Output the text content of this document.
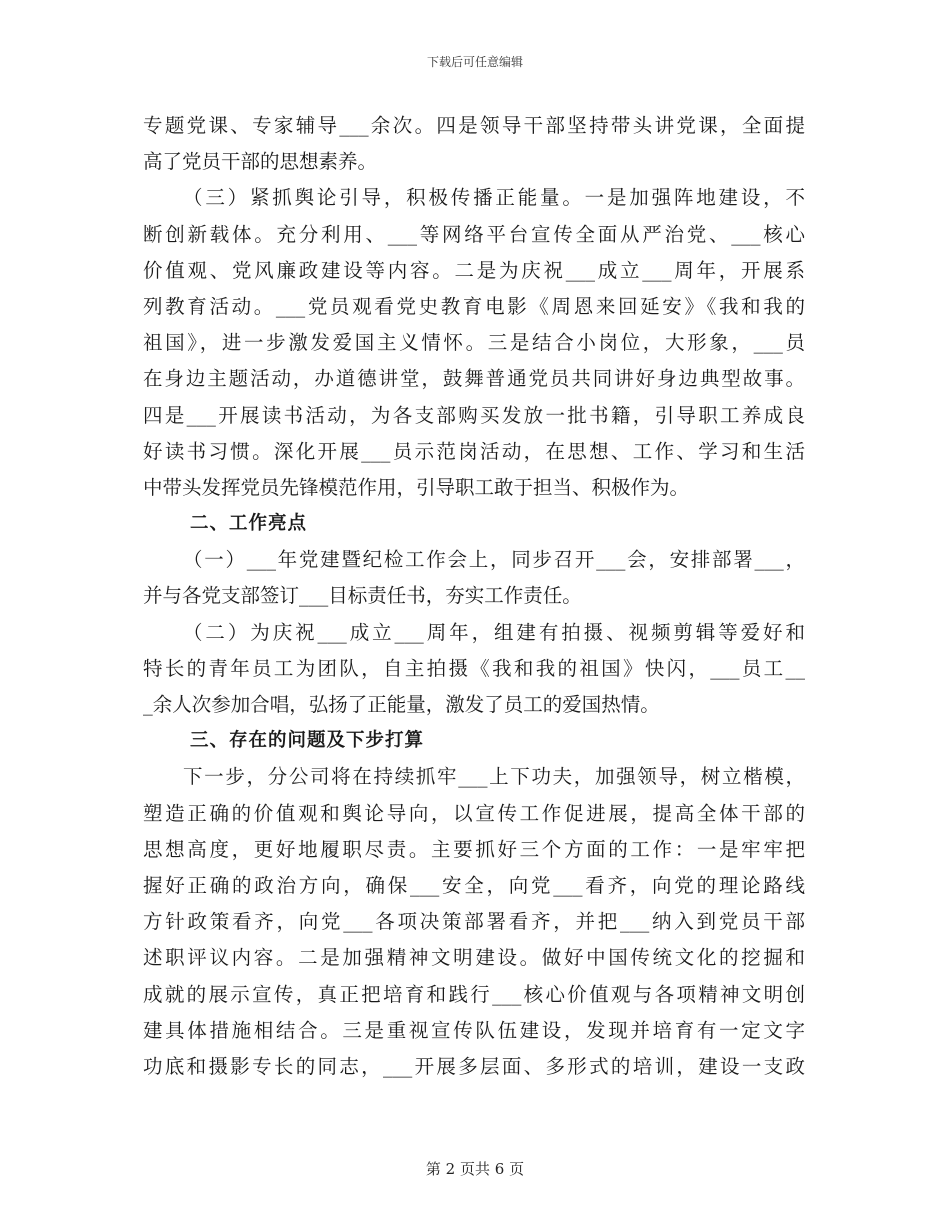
下载后可任意编辑
专题党课、专家辅导___余次。四是领导干部坚持带头讲党课，全面提
高了党员干部的思想素养。
（三）紧抓舆论引导，积极传播正能量。一是加强阵地建设，不
断创新载体。充分利用、___等网络平台宣传全面从严治党、___核心
价值观、党风廉政建设等内容。二是为庆祝___成立___周年，开展系
列教育活动。___党员观看党史教育电影《周恩来回延安》《我和我的
祖国》，进一步激发爱国主义情怀。三是结合小岗位，大形象，___员
在身边主题活动，办道德讲堂，鼓舞普通党员共同讲好身边典型故事。
四是___开展读书活动，为各支部购买发放一批书籍，引导职工养成良
好读书习惯。深化开展___员示范岗活动，在思想、工作、学习和生活
中带头发挥党员先锋模范作用，引导职工敢于担当、积极作为。
二、工作亮点
（一）___年党建暨纪检工作会上，同步召开___会，安排部署___，
并与各党支部签订___目标责任书，夯实工作责任。
（二）为庆祝___成立___周年，组建有拍摄、视频剪辑等爱好和
特长的青年员工为团队，自主拍摄《我和我的祖国》快闪，___员工__
_余人次参加合唱，弘扬了正能量，激发了员工的爱国热情。
三、存在的问题及下步打算
下一步，分公司将在持续抓牢___上下功夫，加强领导，树立楷模，
塑造正确的价值观和舆论导向，以宣传工作促进展，提高全体干部的
思想高度，更好地履职尽责。主要抓好三个方面的工作：一是牢牢把
握好正确的政治方向，确保___安全，向党___看齐，向党的理论路线
方针政策看齐，向党___各项决策部署看齐，并把___纳入到党员干部
述职评议内容。二是加强精神文明建设。做好中国传统文化的挖掘和
成就的展示宣传，真正把培育和践行___核心价值观与各项精神文明创
建具体措施相结合。三是重视宣传队伍建设，发现并培育有一定文字
功底和摄影专长的同志，___开展多层面、多形式的培训，建设一支政
第 2 页共 6 页
